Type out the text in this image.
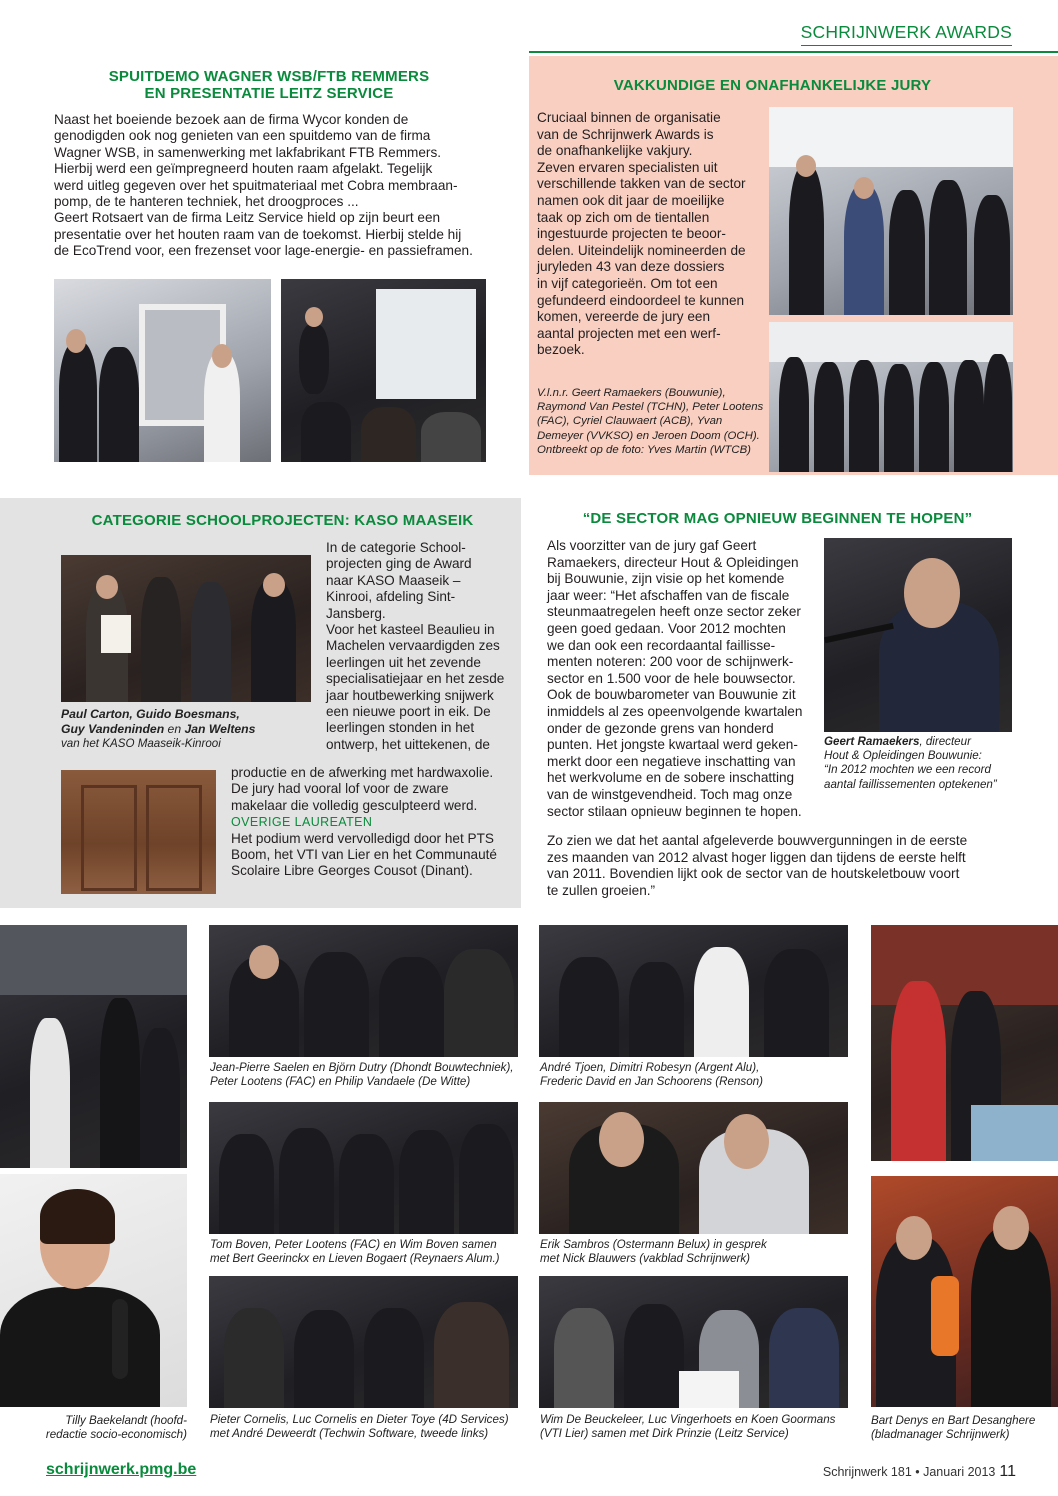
SCHRIJNWERK AWARDS
SPUITDEMO WAGNER WSB/FTB REMMERS
EN PRESENTATIE LEITZ SERVICE
Naast het boeiende bezoek aan de firma Wycor konden de
genodigden ook nog genieten van een spuitdemo van de firma
Wagner WSB, in samenwerking met lakfabrikant FTB Remmers.
Hierbij werd een geïmpregneerd houten raam afgelakt. Tegelijk
werd uitleg gegeven over het spuitmateriaal met Cobra membraan-
pomp, de te hanteren techniek, het droogproces ...
Geert Rotsaert van de firma Leitz Service hield op zijn beurt een
presentatie over het houten raam van de toekomst. Hierbij stelde hij
de EcoTrend voor, een frezenset voor lage-energie- en passieframen.
VAKKUNDIGE EN ONAFHANKELIJKE JURY
Cruciaal binnen de organisatie
van de Schrijnwerk Awards is
de onafhankelijke vakjury.
Zeven ervaren specialisten uit
verschillende takken van de sector
namen ook dit jaar de moeilijke
taak op zich om de tientallen
ingestuurde projecten te beoor-
delen. Uiteindelijk nomineerden de
juryleden 43 van deze dossiers
in vijf categorieën. Om tot een
gefundeerd eindoordeel te kunnen
komen, vereerde de jury een
aantal projecten met een werf-
bezoek.
V.l.n.r. Geert Ramaekers (Bouwunie),
Raymond Van Pestel (TCHN), Peter Lootens
(FAC), Cyriel Clauwaert (ACB), Yvan
Demeyer (VVKSO) en Jeroen Doom (OCH).
Ontbreekt op de foto: Yves Martin (WTCB)
CATEGORIE SCHOOLPROJECTEN: KASO MAASEIK
Paul Carton, Guido Boesmans,
Guy Vandeninden en Jan Weltens
van het KASO Maaseik-Kinrooi
In de categorie School-
projecten ging de Award
naar KASO Maaseik –
Kinrooi, afdeling Sint-
Jansberg.
Voor het kasteel Beaulieu in
Machelen vervaardigden zes
leerlingen uit het zevende
specialisatiejaar en het zesde
jaar houtbewerking snijwerk
een nieuwe poort in eik. De
leerlingen stonden in het
ontwerp, het uittekenen, de
productie en de afwerking met hardwaxolie.
De jury had vooral lof voor de zware
makelaar die volledig gesculpteerd werd.
OVERIGE LAUREATEN
Het podium werd vervolledigd door het PTS
Boom, het VTI van Lier en het Communauté
Scolaire Libre Georges Cousot (Dinant).
“DE SECTOR MAG OPNIEUW BEGINNEN TE HOPEN”
Als voorzitter van de jury gaf Geert
Ramaekers, directeur Hout & Opleidingen
bij Bouwunie, zijn visie op het komende
jaar weer: “Het afschaffen van de fiscale
steunmaatregelen heeft onze sector zeker
geen goed gedaan. Voor 2012 mochten
we dan ook een recordaantal faillisse-
menten noteren: 200 voor de schijnwerk-
sector en 1.500 voor de hele bouwsector.
Ook de bouwbarometer van Bouwunie zit
inmiddels al zes opeenvolgende kwartalen
onder de gezonde grens van honderd
punten. Het jongste kwartaal werd geken-
merkt door een negatieve inschatting van
het werkvolume en de sobere inschatting
van de winstgevendheid. Toch mag onze
sector stilaan opnieuw beginnen te hopen.
Zo zien we dat het aantal afgeleverde bouwvergunningen in de eerste
zes maanden van 2012 alvast hoger liggen dan tijdens de eerste helft
van 2011. Bovendien lijkt ook de sector van de houtskeletbouw voort
te zullen groeien.”
Geert Ramaekers, directeur
Hout & Opleidingen Bouwunie:
“In 2012 mochten we een record
aantal faillissementen optekenen”
Tilly Baekelandt (hoofd-
redactie socio-economisch)
Jean-Pierre Saelen en Björn Dutry (Dhondt Bouwtechniek),
Peter Lootens (FAC) en Philip Vandaele (De Witte)
André Tjoen, Dimitri Robesyn (Argent Alu),
Frederic David en Jan Schoorens (Renson)
Tom Boven, Peter Lootens (FAC) en Wim Boven samen
met Bert Geerinckx en Lieven Bogaert (Reynaers Alum.)
Erik Sambros (Ostermann Belux) in gesprek
met Nick Blauwers (vakblad Schrijnwerk)
Bart Denys en Bart Desanghere
(bladmanager Schrijnwerk)
Pieter Cornelis, Luc Cornelis en Dieter Toye (4D Services)
met André Deweerdt (Techwin Software, tweede links)
Wim De Beuckeleer, Luc Vingerhoets en Koen Goormans
(VTI Lier) samen met Dirk Prinzie (Leitz Service)
schrijnwerk.pmg.be	Schrijnwerk 181 • Januari 2013 11
